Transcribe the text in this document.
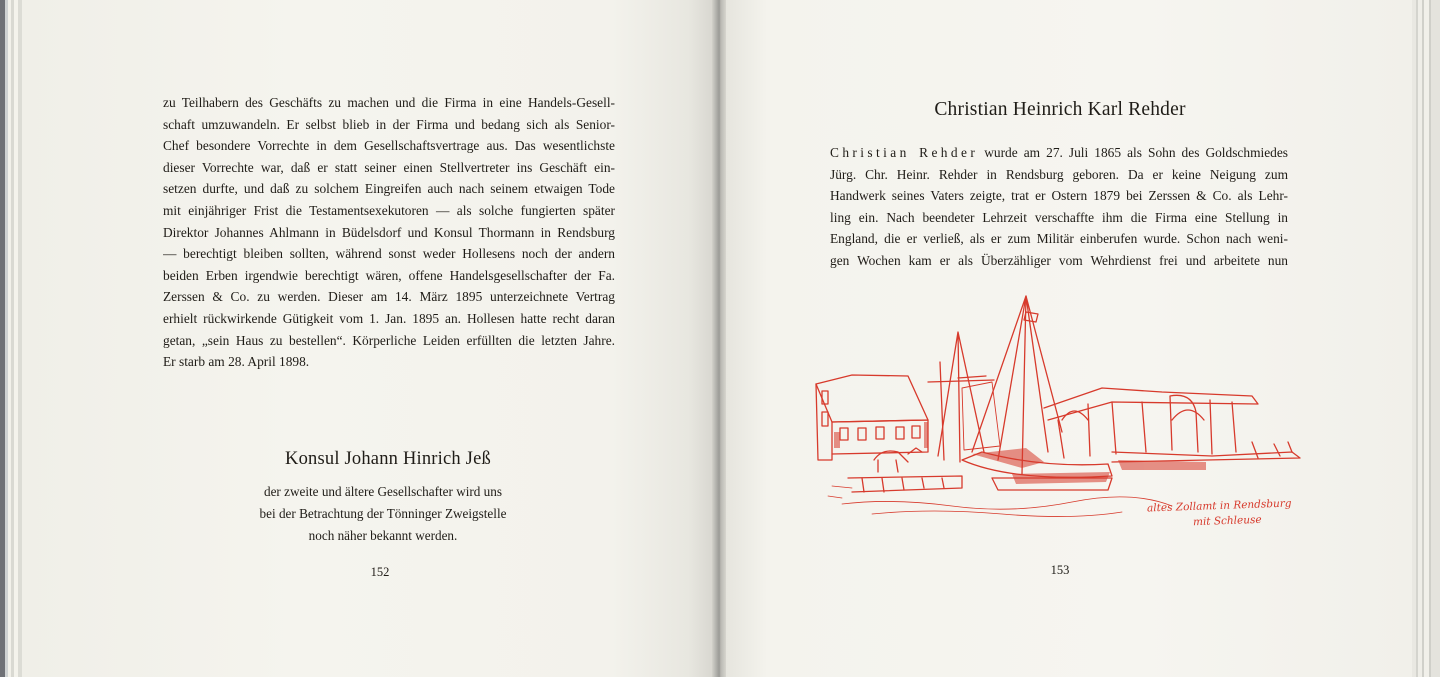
zu Teilhabern des Geschäfts zu machen und die Firma in eine Handels-Gesell-
schaft umzuwandeln. Er selbst blieb in der Firma und bedang sich als Senior-
Chef besondere Vorrechte in dem Gesellschaftsvertrage aus. Das wesentlichste
dieser Vorrechte war, daß er statt seiner einen Stellvertreter ins Geschäft ein-
setzen durfte, und daß zu solchem Eingreifen auch nach seinem etwaigen Tode
mit einjähriger Frist die Testamentsexekutoren — als solche fungierten später
Direktor Johannes Ahlmann in Büdelsdorf und Konsul Thormann in Rendsburg
— berechtigt bleiben sollten, während sonst weder Hollesens noch der andern
beiden Erben irgendwie berechtigt wären, offene Handelsgesellschafter der Fa.
Zerssen & Co. zu werden. Dieser am 14. März 1895 unterzeichnete Vertrag
erhielt rückwirkende Gütigkeit vom 1. Jan. 1895 an. Hollesen hatte recht daran
getan, „sein Haus zu bestellen“. Körperliche Leiden erfüllten die letzten Jahre.
Er starb am 28. April 1898.
Konsul Johann Hinrich Jeß
der zweite und ältere Gesellschafter wird uns
bei der Betrachtung der Tönninger Zweigstelle
noch näher bekannt werden.
152
Christian Heinrich Karl Rehder
Christian Rehder wurde am 27. Juli 1865 als Sohn des Goldschmiedes
Jürg. Chr. Heinr. Rehder in Rendsburg geboren. Da er keine Neigung zum
Handwerk seines Vaters zeigte, trat er Ostern 1879 bei Zerssen & Co. als Lehr-
ling ein. Nach beendeter Lehrzeit verschaffte ihm die Firma eine Stellung in
England, die er verließ, als er zum Militär einberufen wurde. Schon nach weni-
gen Wochen kam er als Überzähliger vom Wehrdienst frei und arbeitete nun
altes Zollamt in Rendsburg
mit Schleuse
153
